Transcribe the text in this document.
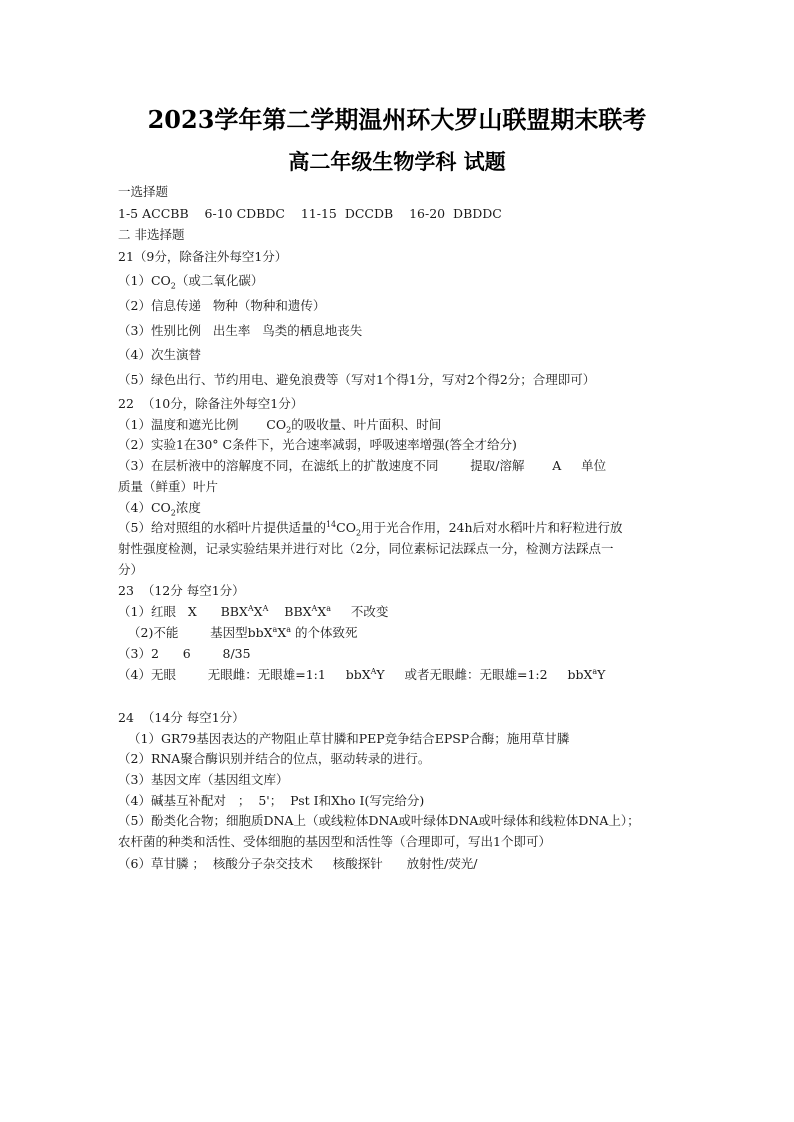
2023学年第二学期温州环大罗山联盟期末联考
高二年级生物学科 试题
一选择题
1-5 ACCBB    6-10 CDBDC    11-15  DCCDB    16-20  DBDDC
二 非选择题
21（9分，除备注外每空1分）
$(1)CO_2$（或二氧化碳）
（2）信息传递   物种（物种和遗传）
（3）性别比例   出生率   鸟类的栖息地丧失
（4）次生演替
（5）绿色出行、节约用电、避免浪费等（写对1个得1分，写对2个得2分；合理即可）
22  （10分，除备注外每空1分）
（1）温度和遮光比例       $CO_2$的吸收量、叶片面积、时间
（2）实验1在30° C条件下，光合速率减弱，呼吸速率增强(答全才给分)
（3）在层析液中的溶解度不同，在滤纸上的扩散速度不同        提取/溶解       A     单位
质量（鲜重）叶片
$(4)CO_2$浓度
（5）给对照组的水稻叶片提供适量的$^{14}CO_2$用于光合作用，24h后对水稻叶片和籽粒进行放
射性强度检测，记录实验结果并进行对比（2分，同位素标记法踩点一分，检测方法踩点一
分）
23  （12分 每空1分）
（1）红眼   X      $BBX^AX^A$    $BBX^AX^a$     不改变
（2)不能        基因型$bbX^aX^a$ 的个体致死
（3）2      6        8/35
（4）无眼        无眼雌：无眼雄=1:1     bbX$^A$Y     或者无眼雌：无眼雄=1:2     bbX$^a$Y
24  （14分 每空1分）
（1）GR79基因表达的产物阻止草甘膦和PEP竞争结合EPSP合酶；施用草甘膦
（2）RNA聚合酶识别并结合的位点，驱动转录的进行。
（3）基因文库（基因组文库）
（4）碱基互补配对   ；  5'；  Pst Ⅰ和Xho Ⅰ(写完给分)
（5）酚类化合物；细胞质DNA上（或线粒体DNA或叶绿体DNA或叶绿体和线粒体DNA上）；
农杆菌的种类和活性、受体细胞的基因型和活性等（合理即可，写出1个即可）
（6）草甘膦 ；  核酸分子杂交技术     核酸探针      放射性/荧光/
